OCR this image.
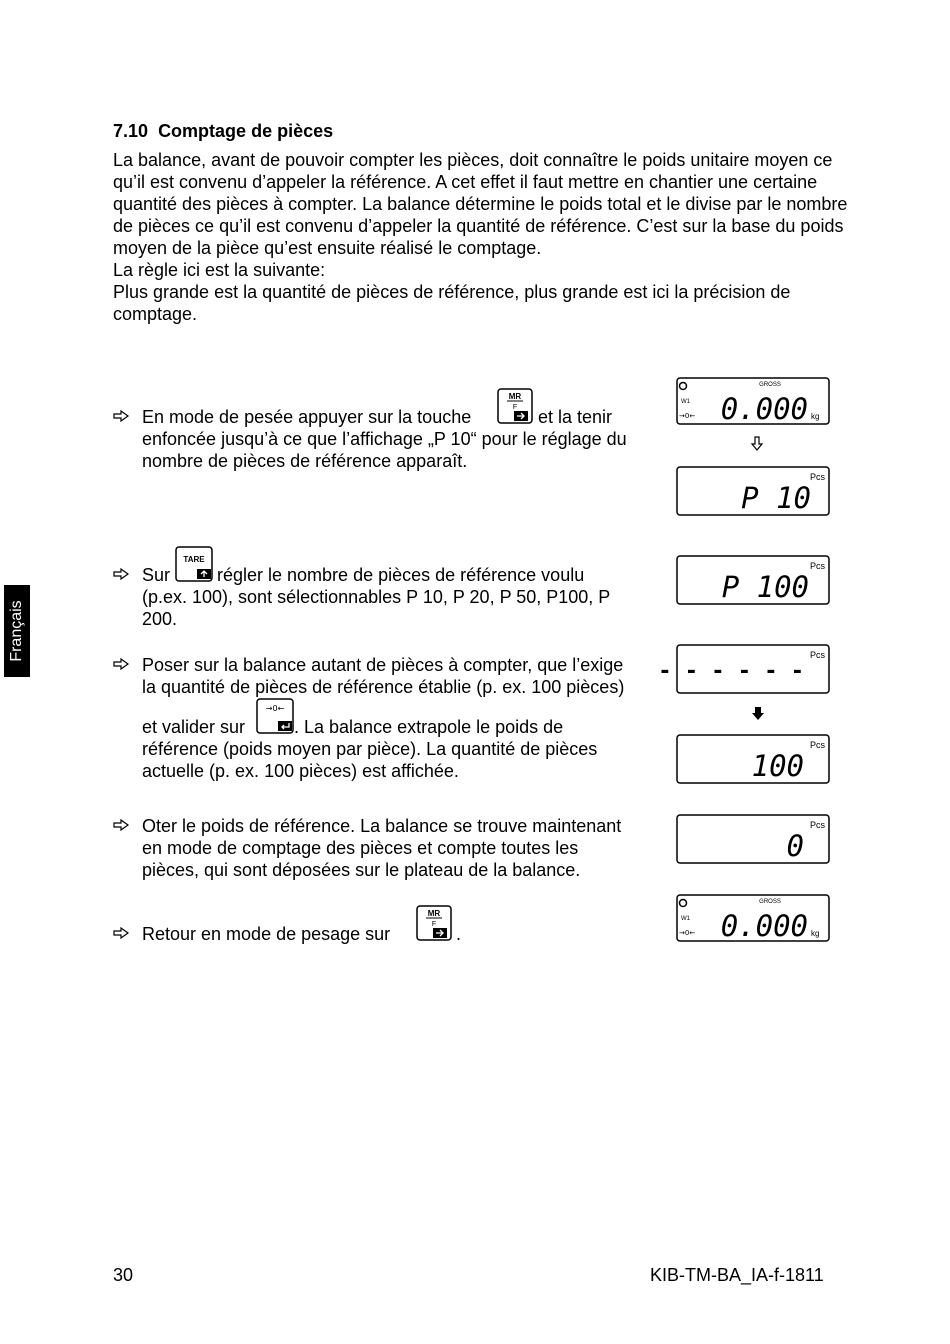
7.10 Comptage de pièces

La balance, avant de pouvoir compter les pièces, doit connaître le poids unitaire moyen ce qu’il est convenu d’appeler la référence. A cet effet il faut mettre en chantier une certaine quantité des pièces à compter. La balance détermine le poids total et le divise par le nombre de pièces ce qu’il est convenu d’appeler la quantité de référence. C’est sur la base du poids moyen de la pièce qu’est ensuite réalisé le comptage.

La règle ici est la suivante:

Plus grande est la quantité de pièces de référence, plus grande est ici la précision de comptage.

En mode de pesée appuyer sur la touche
MR
F et la tenir
enfoncée jusqu’à ce que l’affichage „P 10“ pour le réglage du
nombre de pièces de référence apparaît.
Sur
TARE
régler le nombre de pièces de référence voulu
(p.ex. 100), sont sélectionnables P 10, P 20, P 50, P100, P
200.
Poser sur la balance autant de pièces à compter, que l’exige
la quantité de pièces de référence établie (p. ex. 100 pièces)
et valider sur
→0←
. La balance extrapole le poids de
référence (poids moyen par pièce). La quantité de pièces
actuelle (p. ex. 100 pièces) est affichée.
Oter le poids de référence. La balance se trouve maintenant
en mode de comptage des pièces et compte toutes les
pièces, qui sont déposées sur le plateau de la balance.
Retour en mode de pesage sur
MR
F .
W1
→0←
GROSS
0.000 kg
P 10
Pcs
P 100
Pcs
- - - - - -
Pcs
100
Pcs
0
Pcs
W1
→0←
GROSS
0.000 kg
Français
30	KIB-TM-BA_IA-f-1811
